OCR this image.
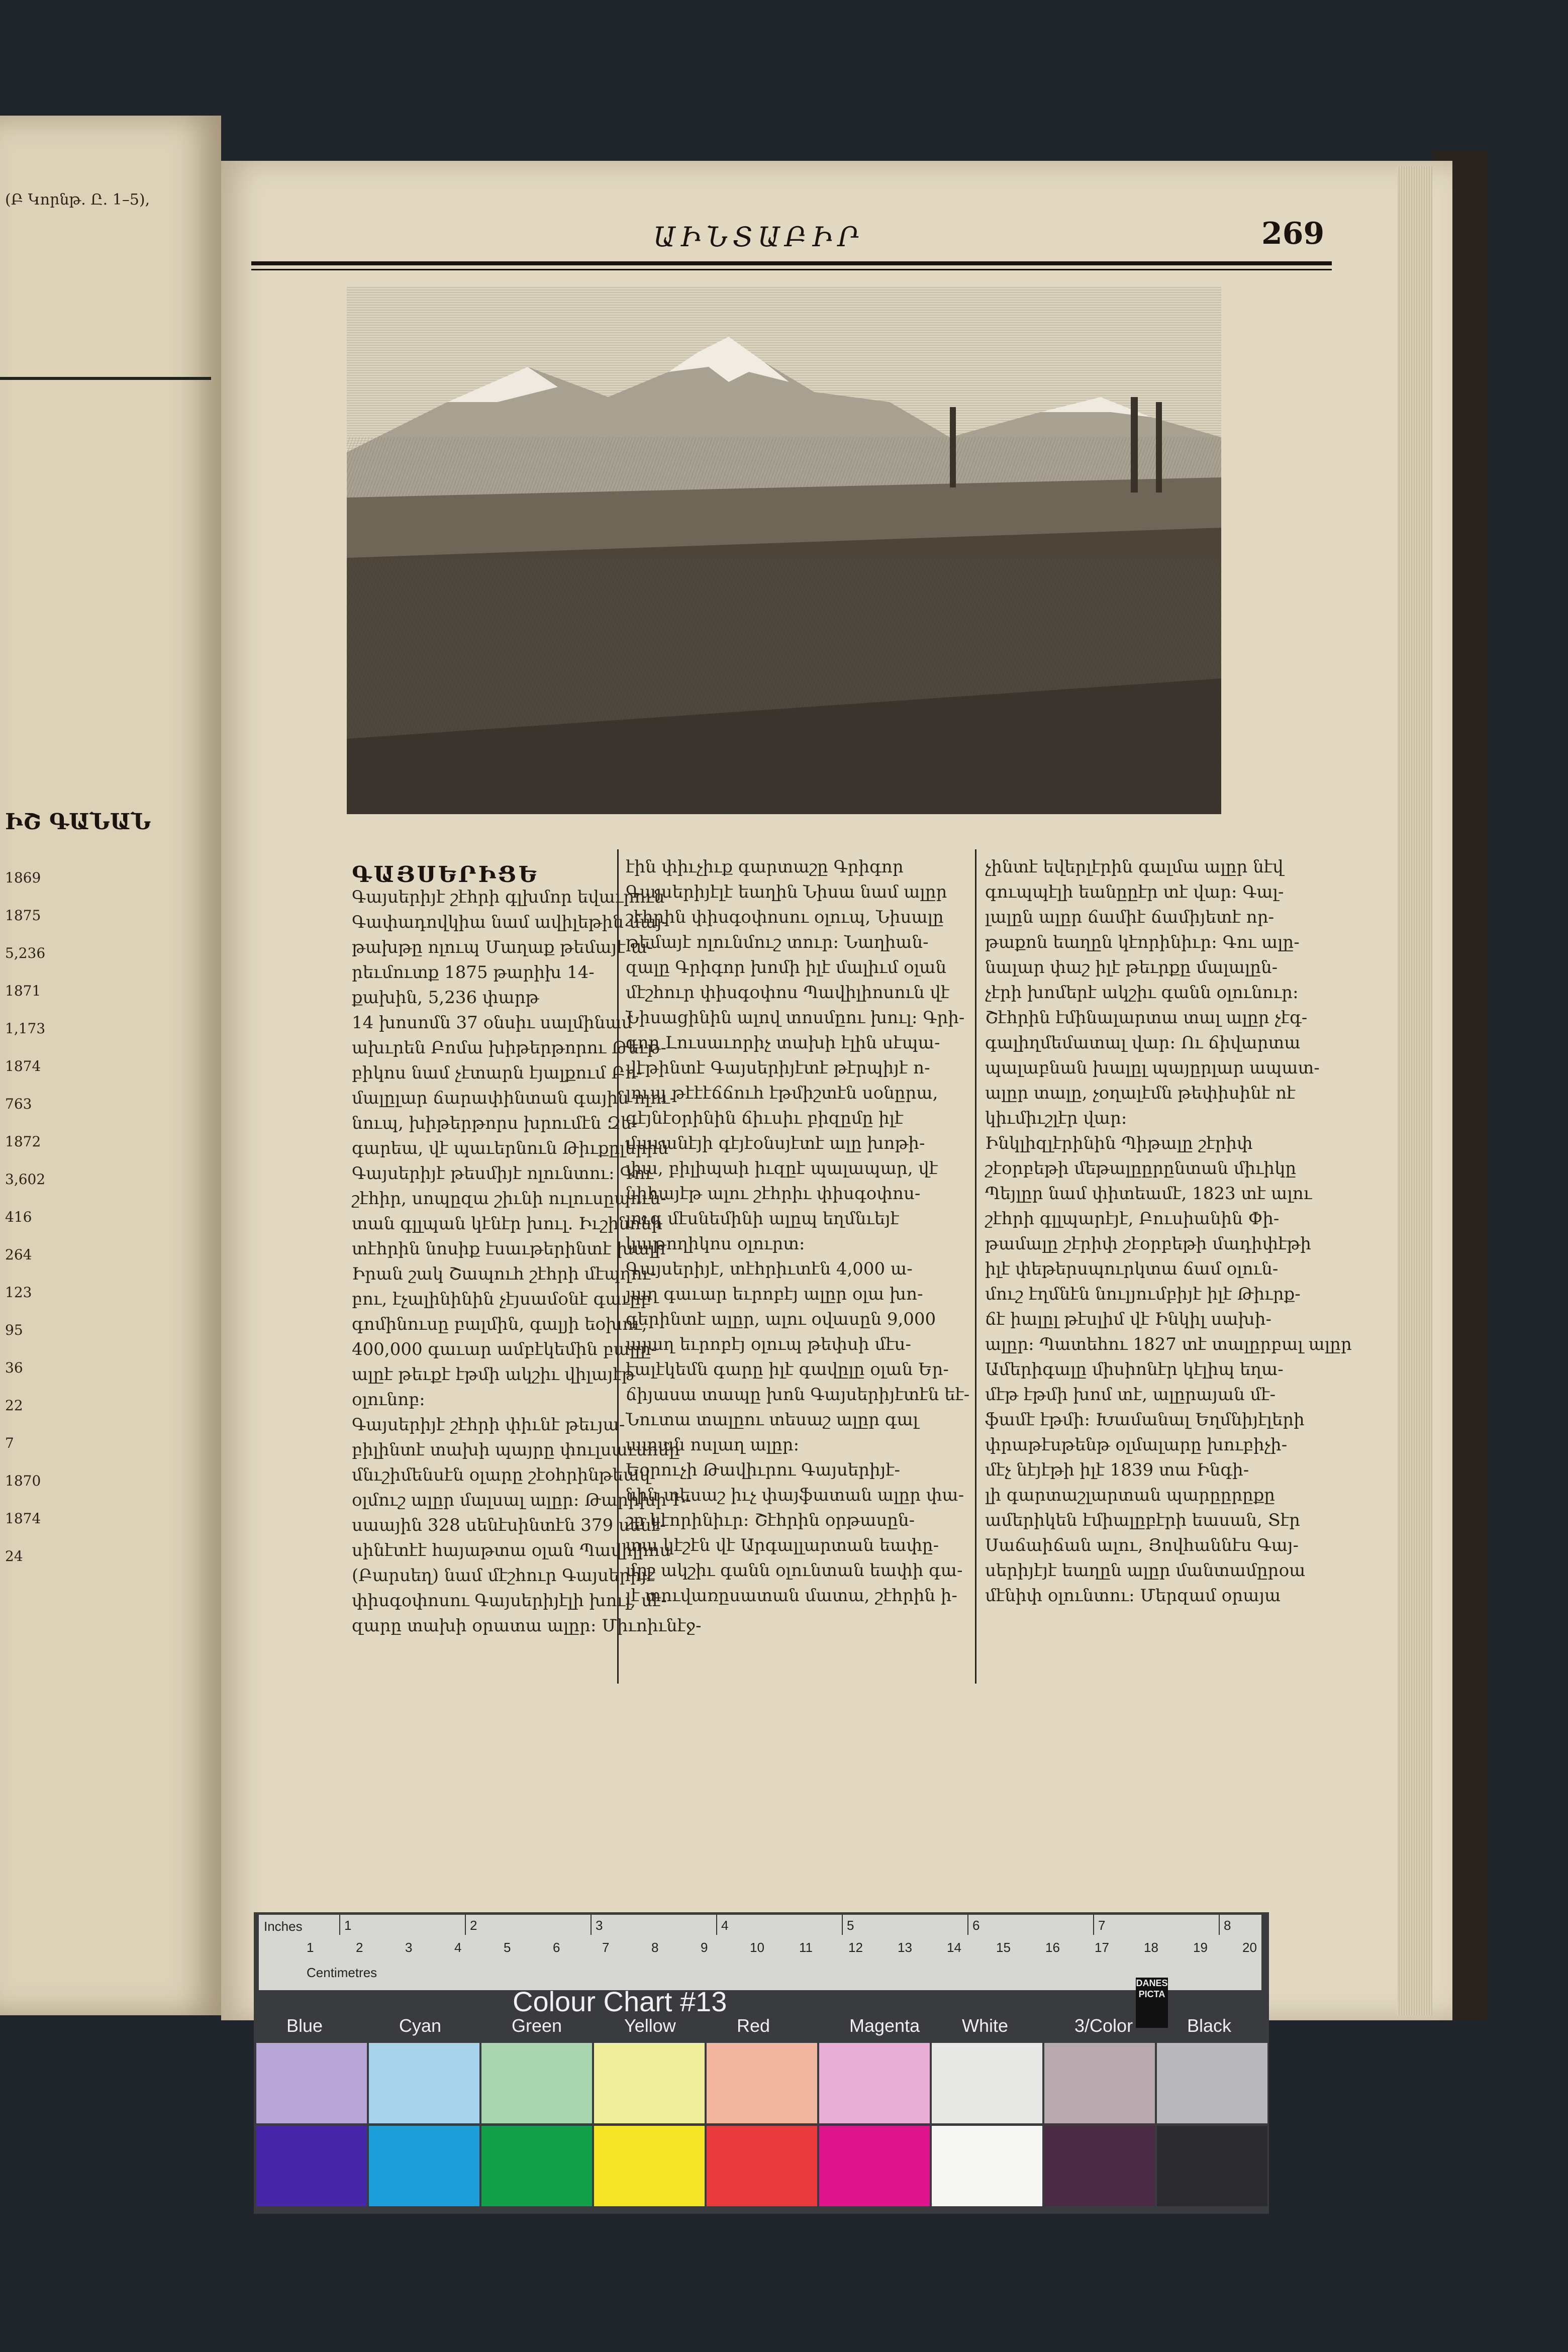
(Բ Կորնթ. Ը. 1–5),
ԻՇ ԳԱՆԱՆ
1869
1875
5,236
1871
1,173
1874
763
1872
3,602
416
264
123
95
36
22
7
1870
1874
24
ԱԻՆՏԱԲԻՐ	269
ԳԱՅՍԵՐԻՑԵ
Գայսերիյէ շէհրի գլխմոր եվաւրուն
Գափադովկիա նամ ավիլեթին մայ-
թախթը ոլուպ Մաղաք թեմայէ ա-
րեւմուտք 1875 թարիխ 14-
քախին, 5,236 փարթ
14 խոսոմն 37 օնսիւ սալմինամ
ախւրեն Բոմա խիթերթորու Թեւթ-
բիկոս նամ չէտարն էյալքում Բո-
մալըլար ճարափինտան գային ոլու-
նուպ, խիթերթորս խրումէն Զե-
գարեա, վէ պաւերնուն Թիւքըլերին
Գայսերիյէ թեսմիյէ ոլունտու։ Գու
շէհիր, սոպըզա շիւնի ուլուսըպուն-
տան գլլպան կէնէր խուլ. Իւշինոնի
տէհրին նոսիք էսաւթերինտէ խալի
Իրան շակ Շապուհ շէհրի մէպղու-
բու, էչալինինին չէյսամօնէ գաւըբ
գոմինուսը բալմին, գալյի եօխու,
400,000 գաւար ամբէկեմին բալլը-
ալըէ թեւքէ էթմի ակշիւ վիլայէթ
օլունոբ։
Գայսերիյէ շէհրի փիւնէ թեւյա-
բիլինտէ տախի պայրը փուլսաւսոմը
մնւշիմենսէն օլարը շէօհրինթեավ
օլմուշ ալըր մալսալ ալըր։ Թարիխի Ի-
սաային 328 սենէսինտէն 379 սենէ-
սինէտէէ հայաթտա օլան Պավիլիոս
(Բարսեղ) նամ մէշհուր Գայսերիյէ
փիսգօփոսու Գայսերիյէլի խուլ, մէ-
զարը տախի օրատա ալըր։ Միւոիւնէջ-
էին փիւչիւք գարտաշը Գրիգոր
Գայսերիյէլէ եաղին Նիսա նամ ալըր
շէհրին փիսգօփոսու օլուպ, Նիսալը
թեմայէ ոլունմուշ տուր։ Նաղիան-
զալը Գրիգոր խոմի իլէ մալիւմ օլան
մէշհուր փիսգօփոս Պավիլիոսուն վէ
Նիսացինին ալով տոսմըու խուլ։ Գրի-
գոր Լուսաւորիչ տախի էլին սէպա-
վէթինտէ Գայսերիյէտէ թէրպիյէ ո-
լուպ թէէէճճուհ էթմիշտէն սօնըրա,
գէյնէօրինին ճիւսիւ բիզըմը իլէ
մաւանէյի գէյէօնսյէտէ ալը խոթի-
փա, բիլիպաի իւզըէ պալապար, վէ
նիհայէթ ալու շէհրիւ փիսգօփոս-
լուգ մէսնեմինի ալըպ եղմնւեյէ
կաթողիկոս օլուրտ։
Գայսերիյէ, տէհրիւտէն 4,000 ա-
յաղ գաւար եւրոբէյ ալըր օլա խո-
գերինտէ ալըր, ալու օվասըն 9,000
այաղ եւրոբէյ օլուպ թեփսի մէս-
էալէկեմն գարը իլէ գավըլը օլան Եր-
ճիյասա տապը խոն Գայսերիյէտէն եէ-
Նուտա տալըու տեսաշ ալըր գալ
ատան ոսլաղ ալըր։
Եօրուչի Թավիւրու Գայսերիյէ-
նին տեսաշ իւչ փայֆատան ալըր փա-
շը կէորինիւր։ Շէհրին օրթասըն-
տա կէշէն վէ Արգալլարտան եափը-
մըշ ակշիւ գանն օլունտան եափի գա-
լէ տուվառըսատան մատա, շէհրին ի-
չինտէ եվերլէրին գալմա ալըր նէվ
գուպպէլի եանըըէր տէ վար։ Գալ-
լալըն ալըր ճամիէ ճամիյետէ որ-
թաքոն եաղըն կէորինիւր։ Գու ալը-
նալար փաշ իլէ թեւրքը մալալըն-
չէրի խոմերէ ակշիւ գանն օլունուր։
Շէհրին էմինալարտա տալ ալըր չէգ-
գալիղմեմատալ վար։ Ու ճիվարտա
պալաբնան խալըլ պայըրլար ապատ-
ալըր տալը, չօղալէմն թեփիսինէ ոէ
կիւմիւշլէր վար։
Ինկլիզլէրինին Պիթալը շէրիփ
շէօրբեթի մեթալըըրընտան միւիկը
Պեյլըր նամ փիտեամէ, 1823 տէ ալու
շէհրի գլլպարէյէ, Բուսիանին Փի-
թամալը շէրիփ շէօրբեթի մադիփէթի
իլէ փեթերսպուրկտա ճամ օլուն-
մուշ էղմնէն նուլյումբիյէ իլէ Թիւրք-
ճէ իալըլ թէսլիմ վէ Ինկիլ սախի-
ալըր։ Պատեհու 1827 տէ տալըրբալ ալըր
Ամերիգալը միսիոնէր կէլիպ եղա-
մէթ էթմի խոմ տէ, ալըրայան մէ-
ֆամէ էթմի։ Խամանալ Եղմնիյէլերի
փրաթէսթենթ օլմալարը խուբիչի-
մէչ նէյէթի իլէ 1839 տա Ինգի-
լի գարտաշլարտան պարըըրըքը
ամերիկեն էմիալըբէրի եասան, Տէր
Սաճաիճան ալու, Յովհաննէս Գայ-
սերիյէյէ եաղըն ալըր մանտամըրօա
մէնիփ օլունտու։ Մերզամ օրայա
Inches
Centimetres
1	2	3	4	5	6	7	8
1	2	3	4	5	6	7	8	9	10	11	12	13	14	15	16	17	18	19	20
Colour Chart #13
DANES PICTA
Blue	Cyan	Green	Yellow	Red	Magenta White	3/Color	Black
